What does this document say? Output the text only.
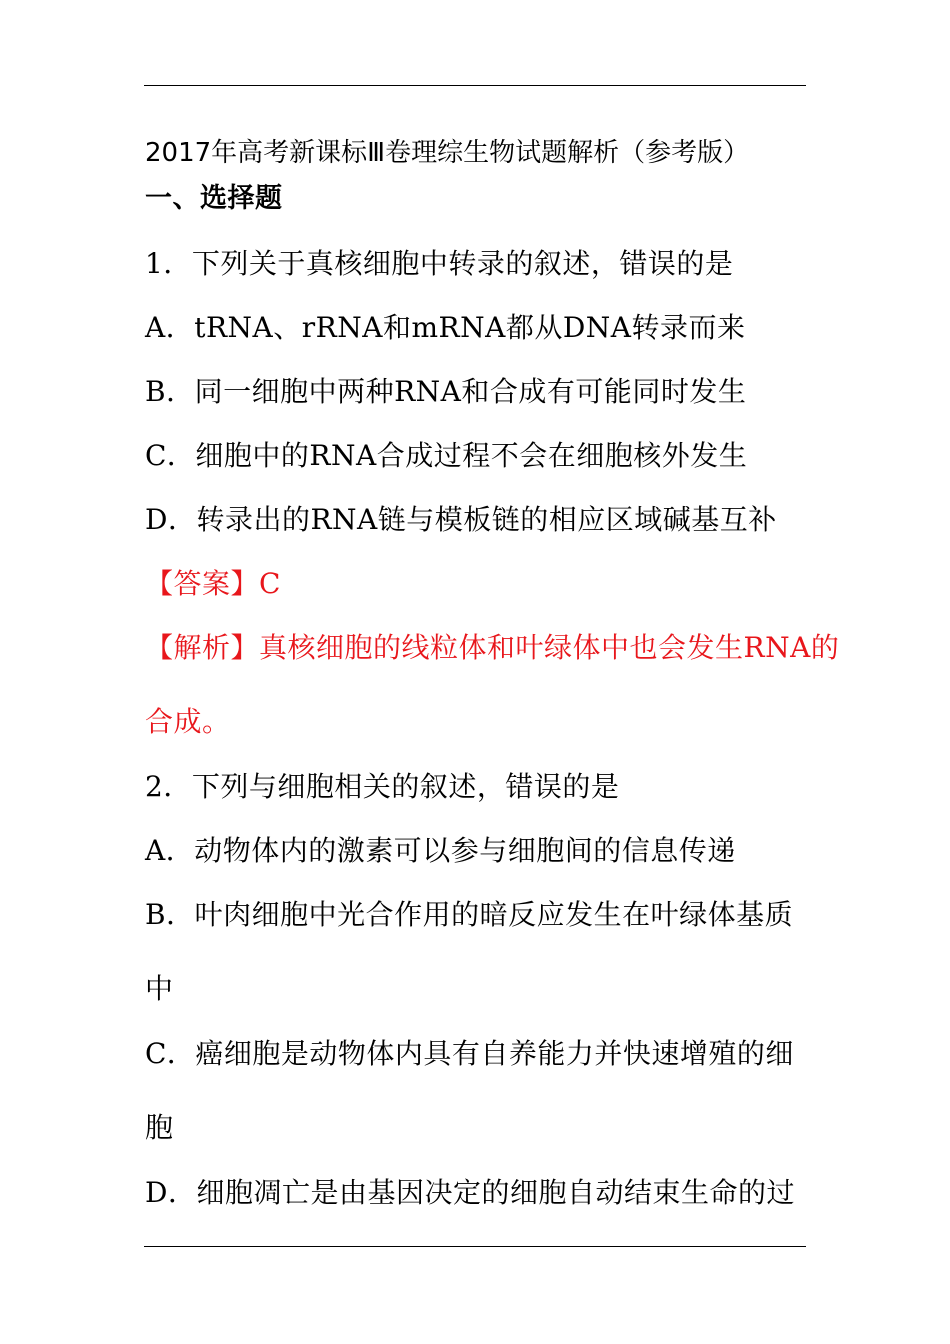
2017年高考新课标Ⅲ卷理综生物试题解析（参考版）
一、选择题
1．下列关于真核细胞中转录的叙述，错误的是
A．tRNA、rRNA和mRNA都从DNA转录而来
B．同一细胞中两种RNA和合成有可能同时发生
C．细胞中的RNA合成过程不会在细胞核外发生
D．转录出的RNA链与模板链的相应区域碱基互补
【答案】C
【解析】真核细胞的线粒体和叶绿体中也会发生RNA的
合成。
2．下列与细胞相关的叙述，错误的是
A．动物体内的激素可以参与细胞间的信息传递
B．叶肉细胞中光合作用的暗反应发生在叶绿体基质
中
C．癌细胞是动物体内具有自养能力并快速增殖的细
胞
D．细胞凋亡是由基因决定的细胞自动结束生命的过
